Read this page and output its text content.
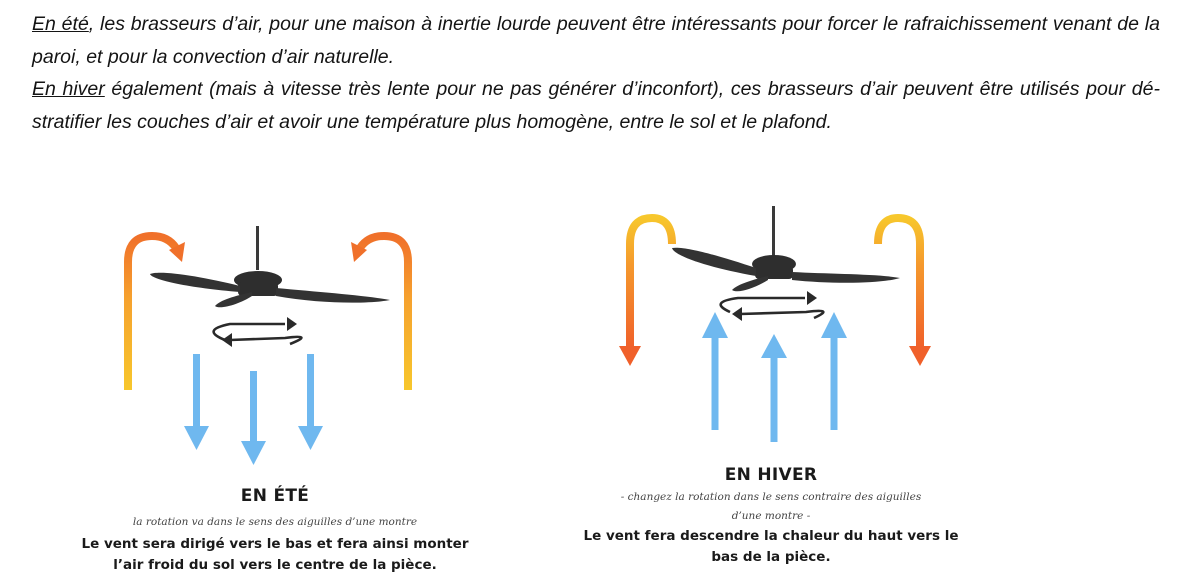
En été, les brasseurs d’air, pour une maison à inertie lourde peuvent être intéressants pour forcer le rafraichissement venant de la paroi, et pour la convection d’air naturelle.

En hiver également (mais à vitesse très lente pour ne pas générer d’inconfort), ces brasseurs d’air peuvent être utilisés pour dé-stratifier les couches d’air et avoir une température plus homogène, entre le sol et le plafond.

EN ÉTÉ
la rotation va dans le sens des aiguilles d’une montre
Le vent sera dirigé vers le bas et fera ainsi monter
l’air froid du sol vers le centre de la pièce.
EN HIVER
- changez la rotation dans le sens contraire des aiguilles
d’une montre -
Le vent fera descendre la chaleur du haut vers le
bas de la pièce.
